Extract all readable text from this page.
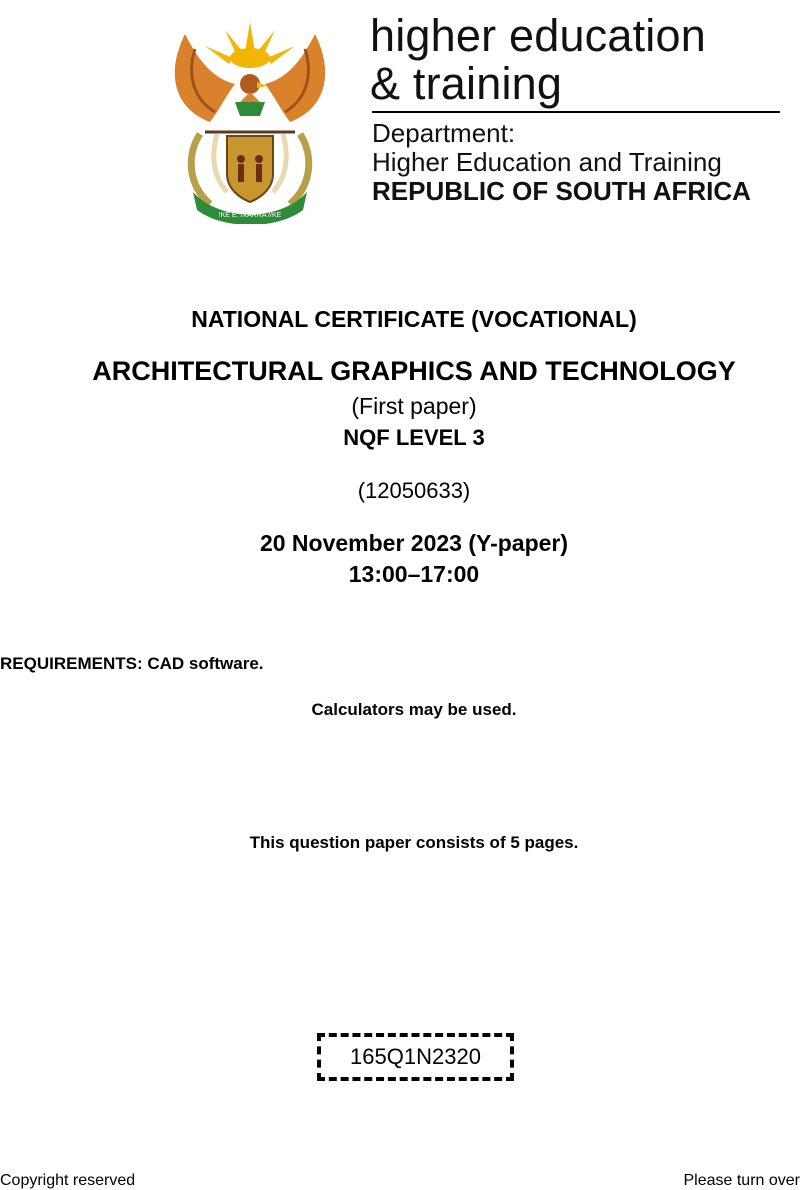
!KE E: /XARRA //KE
higher education
& training
Department:
Higher Education and Training
REPUBLIC OF SOUTH AFRICA
NATIONAL CERTIFICATE (VOCATIONAL)
ARCHITECTURAL GRAPHICS AND TECHNOLOGY
(First paper)
NQF LEVEL 3
(12050633)
20 November 2023 (Y-paper)
13:00–17:00
REQUIREMENTS: CAD software.
Calculators may be used.
This question paper consists of 5 pages.
165Q1N2320
Copyright reserved	Please turn over
